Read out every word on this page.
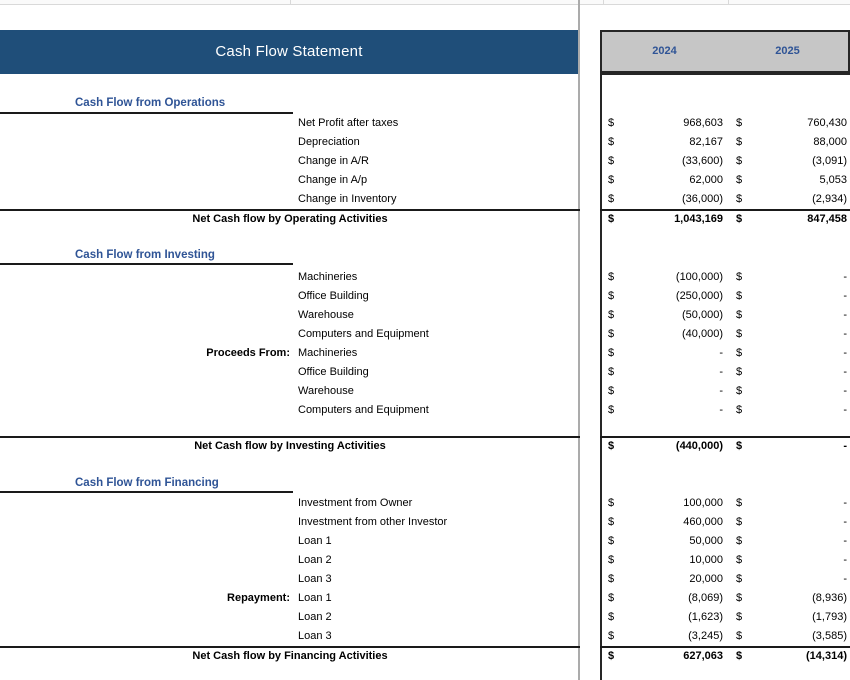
Cash Flow Statement	2024	2025
Cash Flow from Operations
Net Profit after taxes	$	968,603 $	760,430
Depreciation	$	82,167 $	88,000
Change in A/R	$	(33,600) $	(3,091)
Change in A/p	$	62,000 $	5,053
Change in Inventory	$	(36,000) $	(2,934)
Net Cash flow by Operating Activities	$	1,043,169 $	847,458
Cash Flow from Investing
Machineries	$	(100,000) $	-
Office Building	$	(250,000) $	-
Warehouse	$	(50,000) $	-
Computers and Equipment	$	(40,000) $	-
Proceeds From: Machineries	$	- $	-
Office Building	$	- $	-
Warehouse	$	- $	-
Computers and Equipment	$	- $	-
Net Cash flow by Investing Activities	$	(440,000) $	-
Cash Flow from Financing
Investment from Owner	$	100,000 $	-
Investment from other Investor	$	460,000 $	-
Loan 1	$	50,000 $	-
Loan 2	$	10,000 $	-
Loan 3	$	20,000 $	-
Repayment: Loan 1	$	(8,069) $	(8,936)
Loan 2	$	(1,623) $	(1,793)
Loan 3	$	(3,245) $	(3,585)
Net Cash flow by Financing Activities	$	627,063 $	(14,314)
